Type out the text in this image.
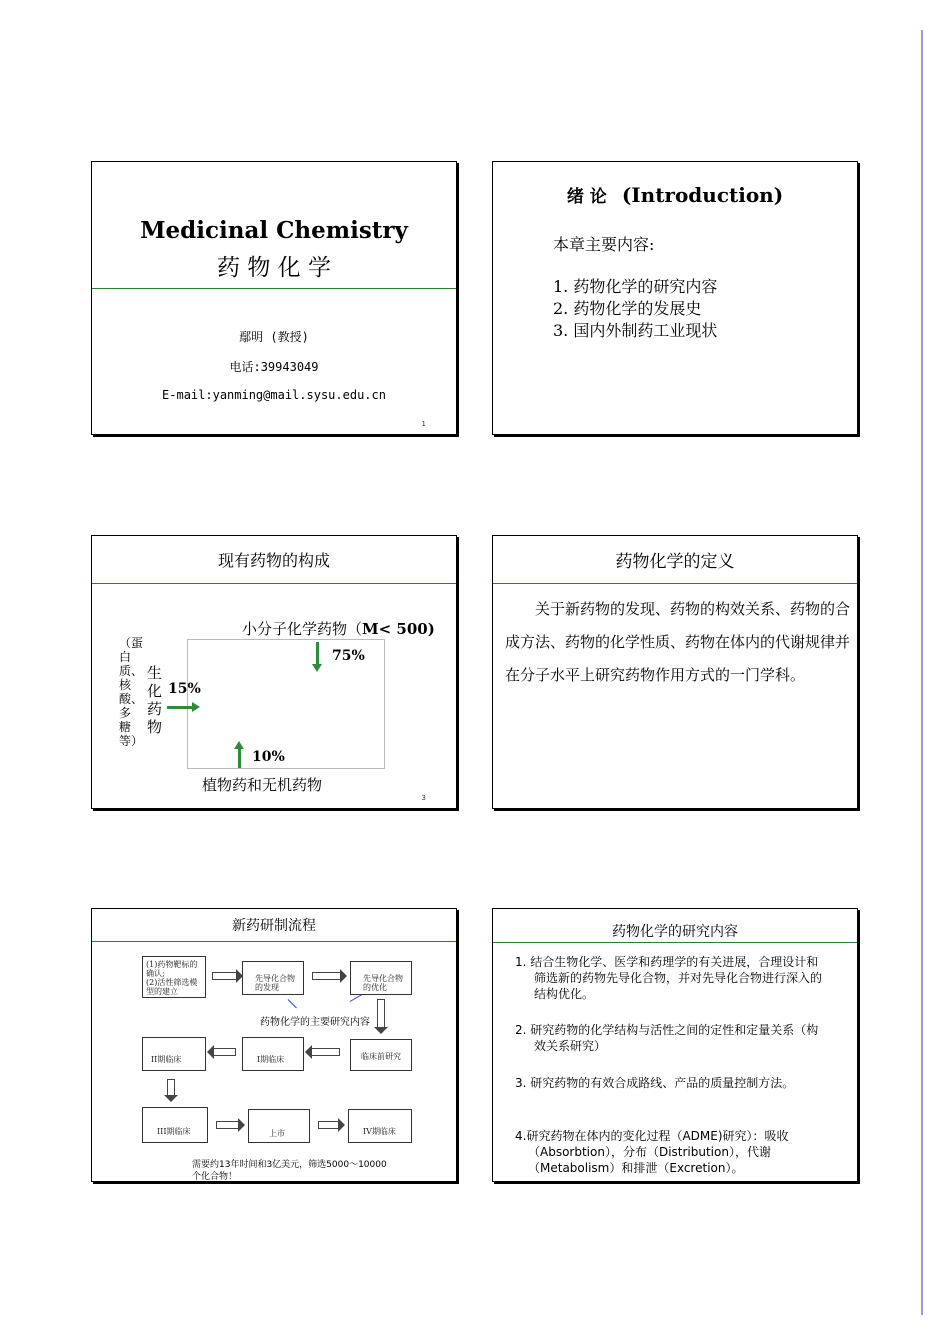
Medicinal Chemistry
药 物 化 学
鄢明 (教授)
电话:39943049
E-mail:yanming@mail.sysu.edu.cn
1
绪 论 (Introduction)
本章主要内容:
1. 药物化学的研究内容
2. 药物化学的发展史
3. 国内外制药工业现状
现有药物的构成
小分子化学药物（M< 500)
75%
生化药物
15%
（蛋白质、核酸、多糖等）
10%
植物药和无机药物
3
药物化学的定义
关于新药物的发现、药物的构效关系、药物的合成方法、药物的化学性质、药物在体内的代谢规律并在分子水平上研究药物作用方式的一门学科。
新药研制流程
(1)药物靶标的确认;
(2)活性筛选模型的建立
先导化合物的发现
先导化合物的优化
药物化学的主要研究内容
临床前研究
I期临床
II期临床
III期临床	上市	IV期临床
需要约13年时间和3亿美元，筛选5000～10000个化合物！
药物化学的研究内容
1. 结合生物化学、医学和药理学的有关进展，合理设计和筛选新的药物先导化合物，并对先导化合物进行深入的结构优化。
2. 研究药物的化学结构与活性之间的定性和定量关系（构效关系研究）
3. 研究药物的有效合成路线、产品的质量控制方法。
4.研究药物在体内的变化过程（ADME)研究）：吸收（Absorbtion），分布（Distribution），代谢（Metabolism）和排泄（Excretion）。
